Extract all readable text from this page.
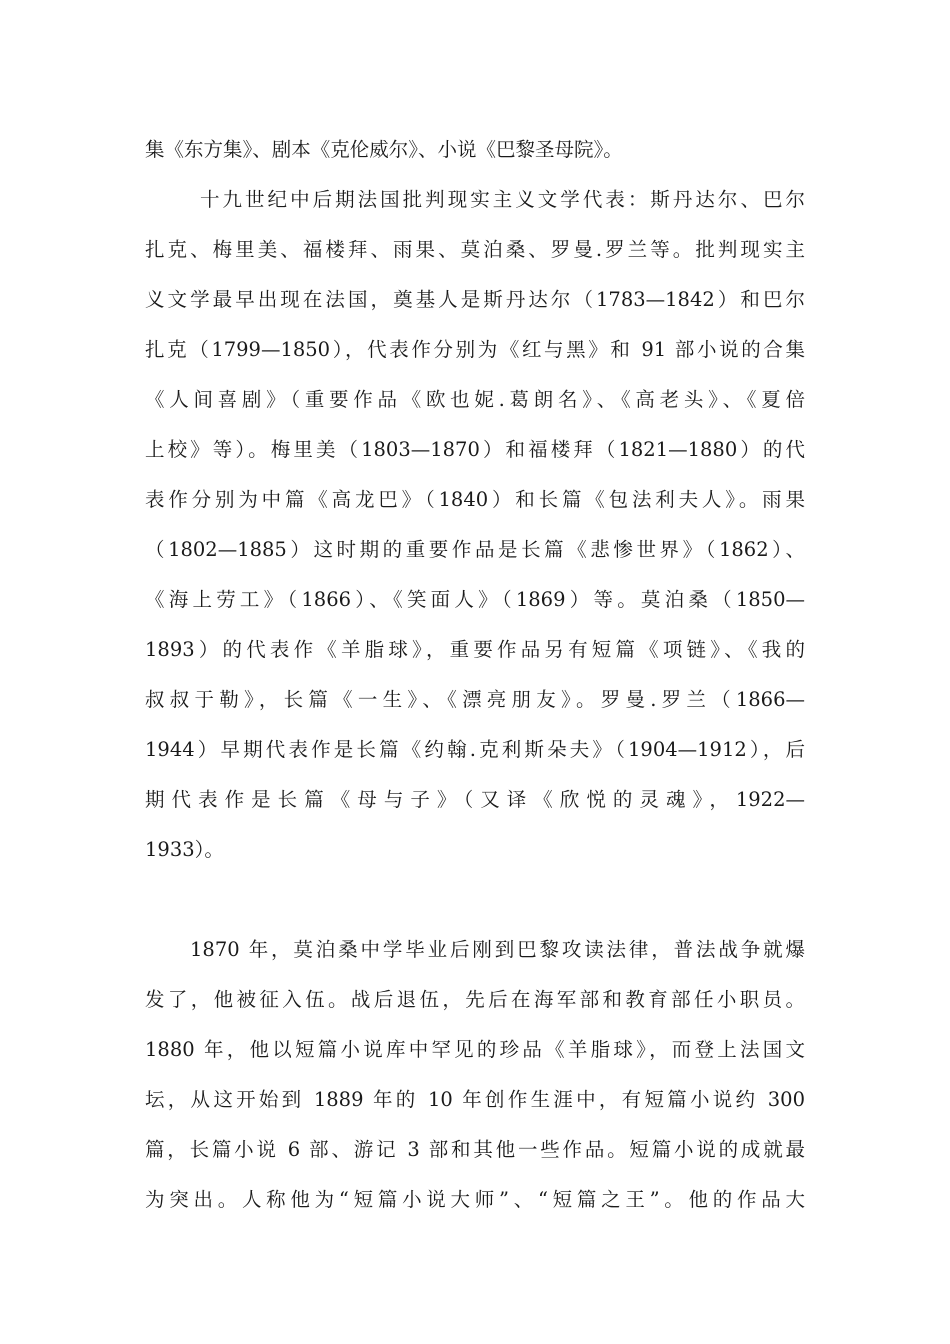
集《东方集》、剧本《克伦威尔》、小说《巴黎圣母院》。
十九世纪中后期法国批判现实主义文学代表：斯丹达尔、巴尔
扎克、梅里美、福楼拜、雨果、莫泊桑、罗曼.罗兰等。批判现实主
义文学最早出现在法国，奠基人是斯丹达尔（1783—1842）和巴尔
扎克（1799—1850），代表作分别为《红与黑》和 91 部小说的合集
《人间喜剧》（重要作品《欧也妮.葛朗名》、《高老头》、《夏倍
上校》等）。梅里美（1803—1870）和福楼拜（1821—1880）的代
表作分别为中篇《高龙巴》（1840）和长篇《包法利夫人》。雨果
（1802—1885）这时期的重要作品是长篇《悲惨世界》（1862）、
《海上劳工》（1866）、《笑面人》（1869）等。莫泊桑（1850—
1893）的代表作《羊脂球》，重要作品另有短篇《项链》、《我的
叔叔于勒》，长篇《一生》、《漂亮朋友》。罗曼.罗兰（1866—
1944）早期代表作是长篇《约翰.克利斯朵夫》（1904—1912），后
期代表作是长篇《母与子》（又译《欣悦的灵魂》，1922—
1933）。
1870 年，莫泊桑中学毕业后刚到巴黎攻读法律，普法战争就爆
发了，他被征入伍。战后退伍，先后在海军部和教育部任小职员。
1880 年，他以短篇小说库中罕见的珍品《羊脂球》，而登上法国文
坛，从这开始到 1889 年的 10 年创作生涯中，有短篇小说约 300
篇，长篇小说 6 部、游记 3 部和其他一些作品。短篇小说的成就最
为突出。人称他为“短篇小说大师”、“短篇之王”。他的作品大
